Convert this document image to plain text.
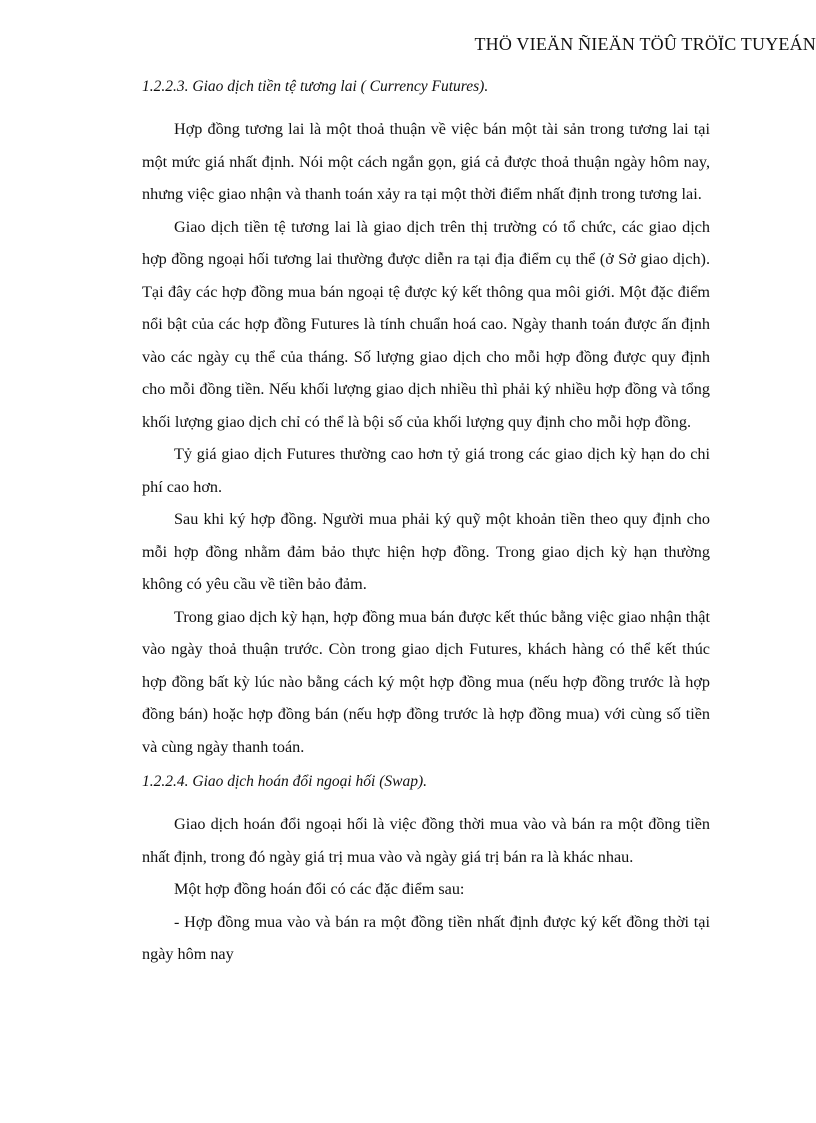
THÖ VIEÄN ÑIEÄN TÖÛ TRÖÏC TUYEÁN

1.2.2.3. Giao dịch tiền tệ tương lai ( Currency Futures).

Hợp đồng tương lai là một thoả thuận về việc bán một tài sản trong tương lai tại một mức giá nhất định. Nói một cách ngắn gọn, giá cả được thoả thuận ngày hôm nay, nhưng việc giao nhận và thanh toán xảy ra tại một thời điểm nhất định trong tương lai.

Giao dịch tiền tệ tương lai là giao dịch trên thị trường có tổ chức, các giao dịch hợp đồng ngoại hối tương lai thường được diễn ra tại địa điểm cụ thể (ở Sở giao dịch). Tại đây các hợp đồng mua bán ngoại tệ được ký kết thông qua môi giới. Một đặc điểm nổi bật của các hợp đồng Futures là tính chuẩn hoá cao. Ngày thanh toán được ấn định vào các ngày cụ thể của tháng. Số lượng giao dịch cho mỗi hợp đồng được quy định cho mỗi đồng tiền. Nếu khối lượng giao dịch nhiều thì phải ký nhiều hợp đồng và tổng khối lượng giao dịch chỉ có thể là bội số của khối lượng quy định cho mỗi hợp đồng.

Tỷ giá giao dịch Futures thường cao hơn tỷ giá trong các giao dịch kỳ hạn do chi phí cao hơn.

Sau khi ký hợp đồng. Người mua phải ký quỹ một khoản tiền theo quy định cho mỗi hợp đồng nhằm đảm bảo thực hiện hợp đồng. Trong giao dịch kỳ hạn thường không có yêu cầu về tiền bảo đảm.

Trong giao dịch kỳ hạn, hợp đồng mua bán được kết thúc bằng việc giao nhận thật vào ngày thoả thuận trước. Còn trong giao dịch Futures, khách hàng có thể kết thúc hợp đồng bất kỳ lúc nào bằng cách ký một hợp đồng mua (nếu hợp đồng trước là hợp đồng bán) hoặc hợp đồng bán (nếu hợp đồng trước là hợp đồng mua) với cùng số tiền và cùng ngày thanh toán.

1.2.2.4. Giao dịch hoán đổi ngoại hối (Swap).

Giao dịch hoán đổi ngoại hối là việc đồng thời mua vào và bán ra một đồng tiền nhất định, trong đó ngày giá trị mua vào và ngày giá trị bán ra là khác nhau.

Một hợp đồng hoán đổi có các đặc điểm sau:

- Hợp đồng mua vào và bán ra một đồng tiền nhất định được ký kết đồng thời tại ngày hôm nay
